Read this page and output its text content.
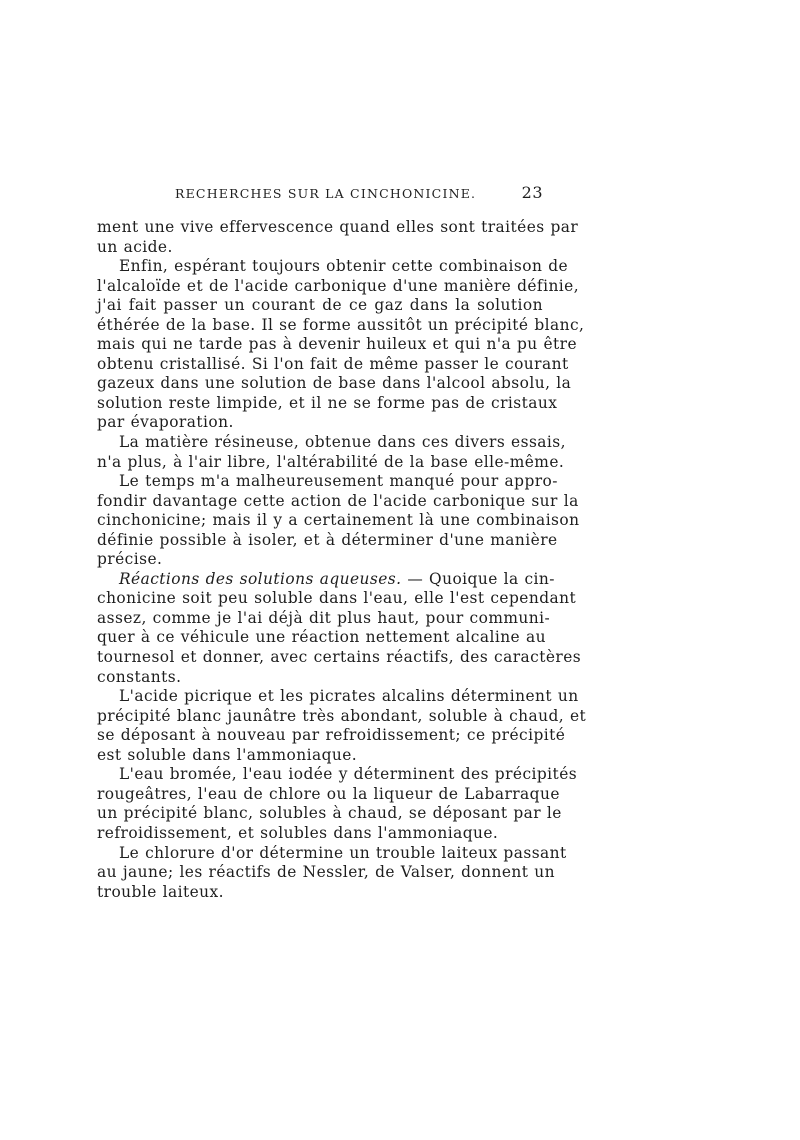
RECHERCHES SUR LA CINCHONICINE.	23
ment une vive effervescence quand elles sont traitées par
un acide.
Enfin, espérant toujours obtenir cette combinaison de
l'alcaloïde et de l'acide carbonique d'une manière définie,
j'ai fait passer un courant de ce gaz dans la solution
éthérée de la base. Il se forme aussitôt un précipité blanc,
mais qui ne tarde pas à devenir huileux et qui n'a pu être
obtenu cristallisé. Si l'on fait de même passer le courant
gazeux dans une solution de base dans l'alcool absolu, la
solution reste limpide, et il ne se forme pas de cristaux
par évaporation.
La matière résineuse, obtenue dans ces divers essais,
n'a plus, à l'air libre, l'altérabilité de la base elle-même.
Le temps m'a malheureusement manqué pour appro-
fondir davantage cette action de l'acide carbonique sur la
cinchonicine; mais il y a certainement là une combinaison
définie possible à isoler, et à déterminer d'une manière
précise.
Réactions des solutions aqueuses. — Quoique la cin-
chonicine soit peu soluble dans l'eau, elle l'est cependant
assez, comme je l'ai déjà dit plus haut, pour communi-
quer à ce véhicule une réaction nettement alcaline au
tournesol et donner, avec certains réactifs, des caractères
constants.
L'acide picrique et les picrates alcalins déterminent un
précipité blanc jaunâtre très abondant, soluble à chaud, et
se déposant à nouveau par refroidissement; ce précipité
est soluble dans l'ammoniaque.
L'eau bromée, l'eau iodée y déterminent des précipités
rougeâtres, l'eau de chlore ou la liqueur de Labarraque
un précipité blanc, solubles à chaud, se déposant par le
refroidissement, et solubles dans l'ammoniaque.
Le chlorure d'or détermine un trouble laiteux passant
au jaune; les réactifs de Nessler, de Valser, donnent un
trouble laiteux.
